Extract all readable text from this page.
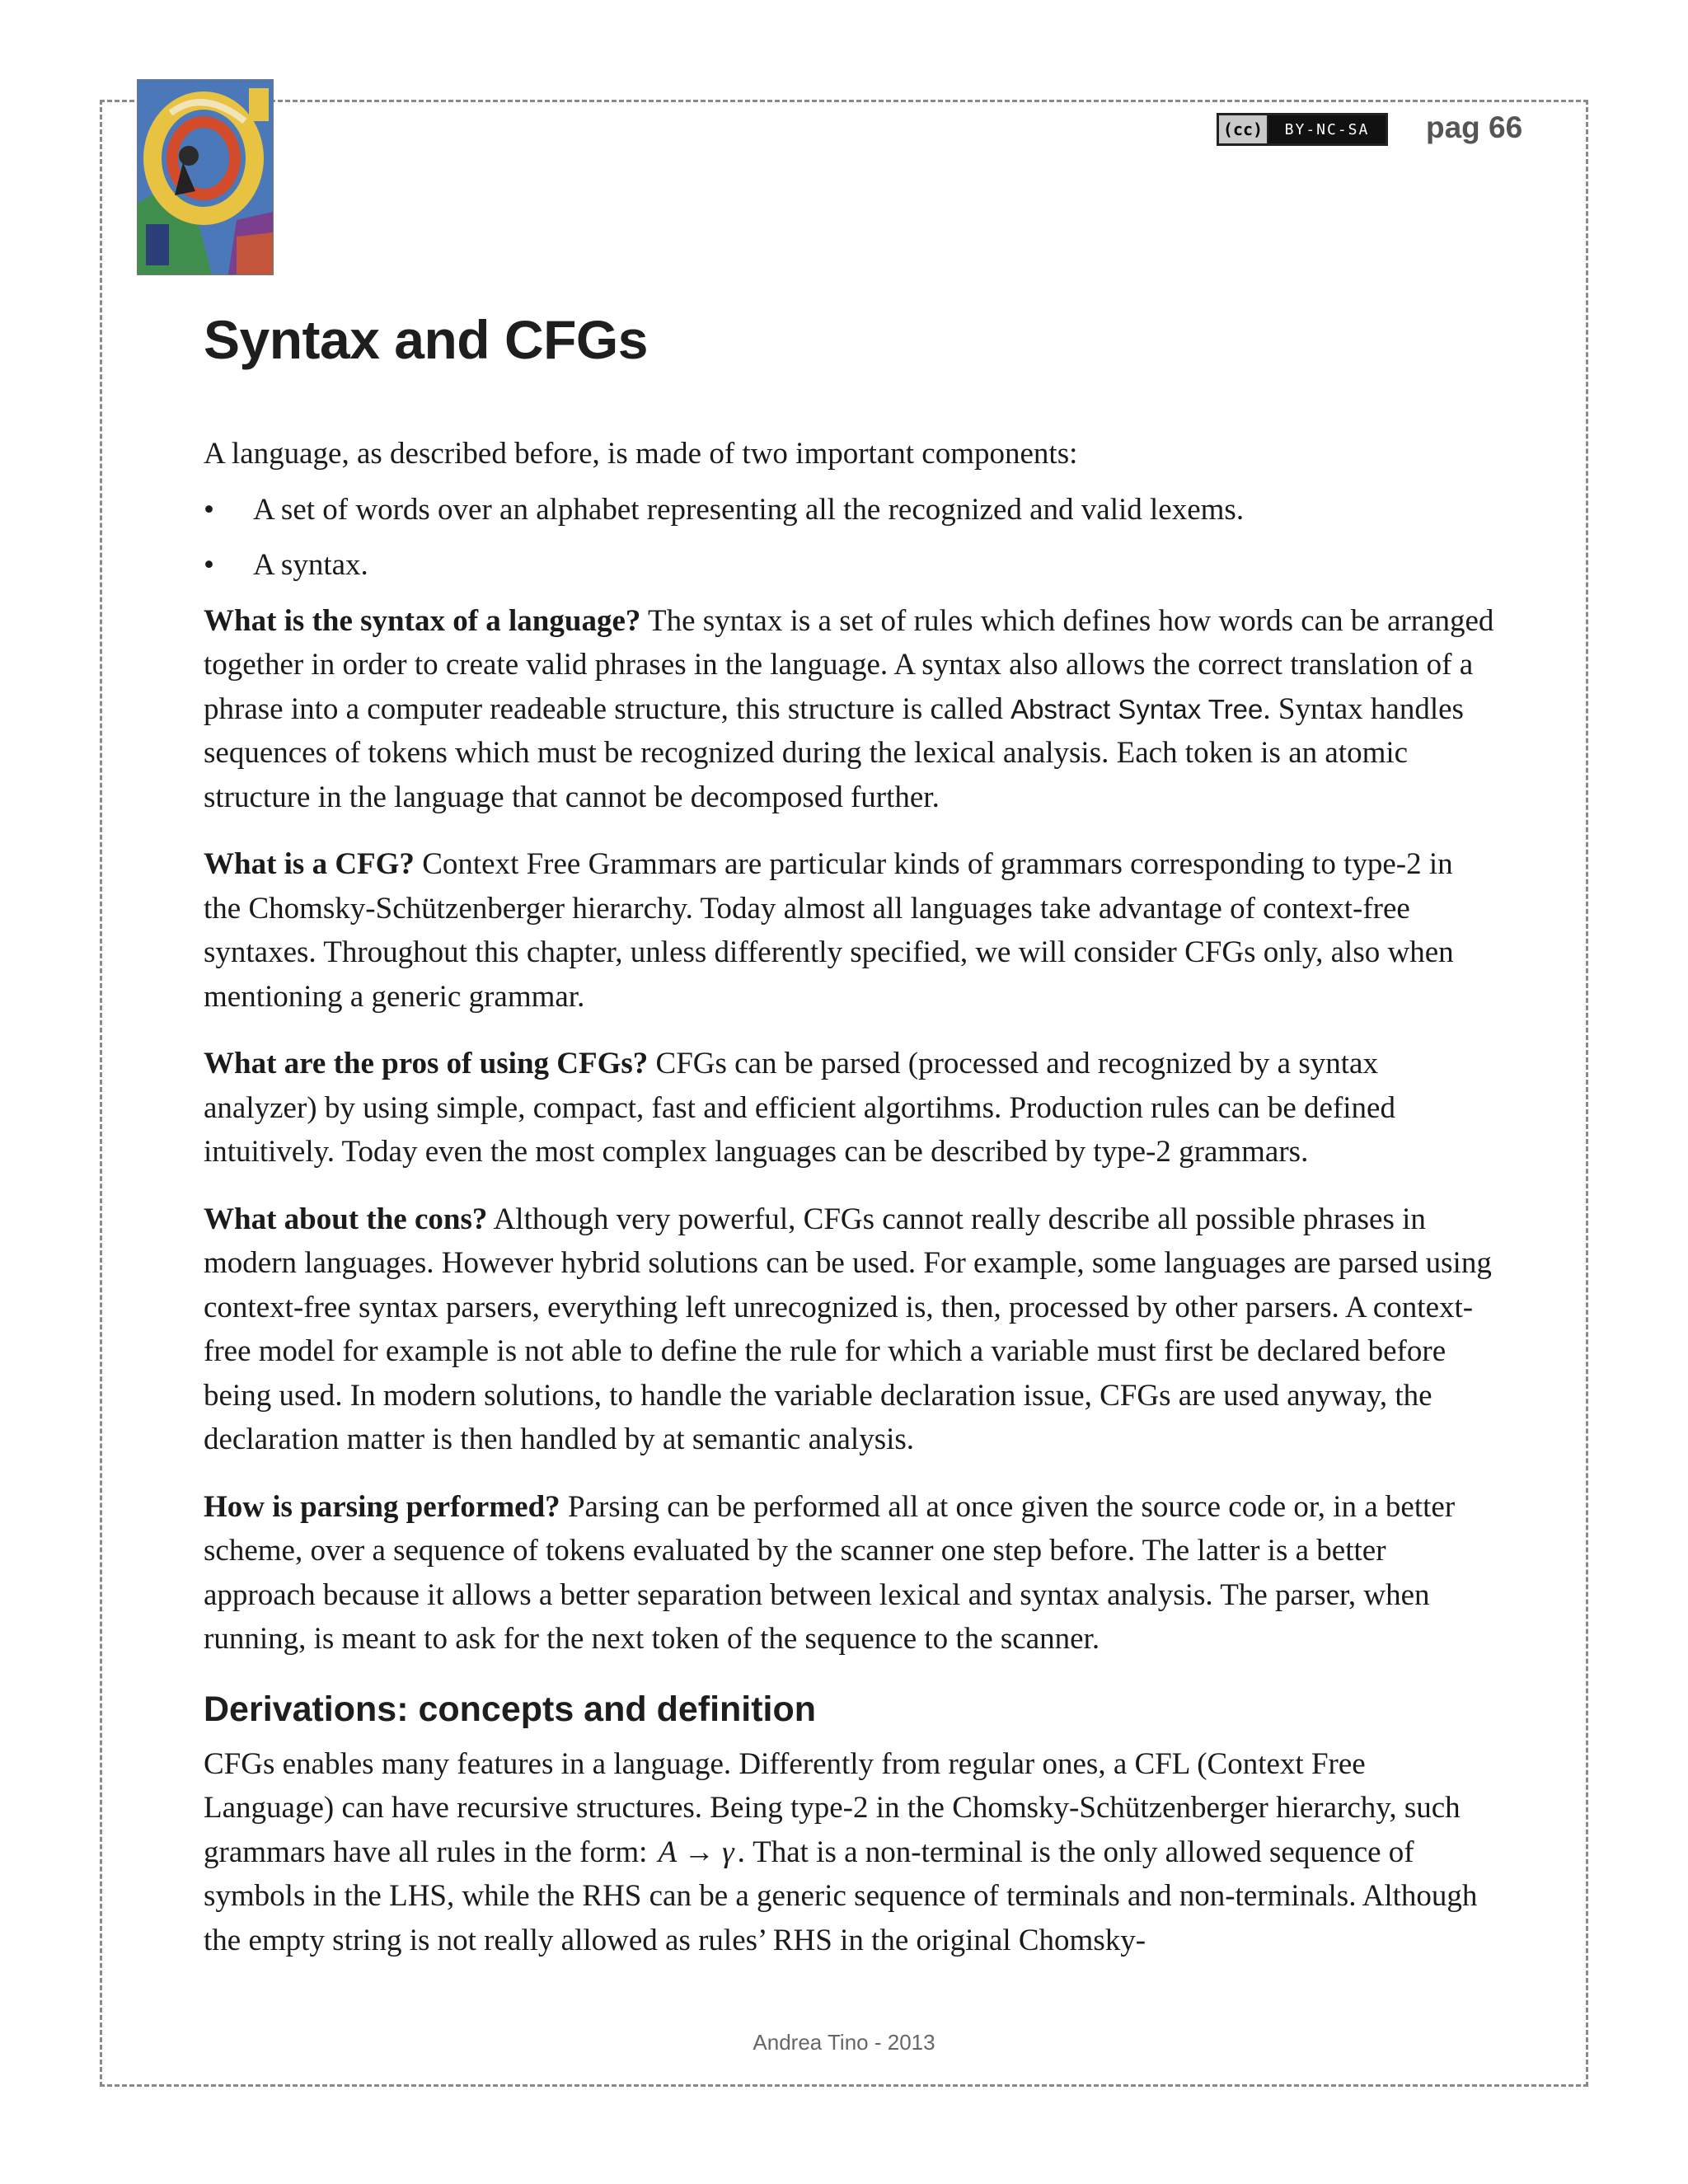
(cc)	BY-NC-SA	pag 66
Syntax and CFGs

A language, as described before, is made of two important components:

• A set of words over an alphabet representing all the recognized and valid lexems.
• A syntax.

What is the syntax of a language? The syntax is a set of rules which defines how words can be arranged together in order to create valid phrases in the language. A syntax also allows the correct translation of a phrase into a computer readeable structure, this structure is called Abstract Syntax Tree. Syntax handles sequences of tokens which must be recognized during the lexical analysis. Each token is an atomic structure in the language that cannot be decomposed further.

What is a CFG? Context Free Grammars are particular kinds of grammars corresponding to type-2 in the Chomsky-Schützenberger hierarchy. Today almost all languages take advantage of context-free syntaxes. Throughout this chapter, unless differently specified, we will consider CFGs only, also when mentioning a generic grammar.

What are the pros of using CFGs? CFGs can be parsed (processed and recognized by a syntax analyzer) by using simple, compact, fast and efficient algortihms. Production rules can be defined intuitively. Today even the most complex languages can be described by type-2 grammars.

What about the cons? Although very powerful, CFGs cannot really describe all possible phrases in modern languages. However hybrid solutions can be used. For example, some languages are parsed using context-free syntax parsers, everything left unrecognized is, then, processed by other parsers. A context-free model for example is not able to define the rule for which a variable must first be declared before being used. In modern solutions, to handle the variable declaration issue, CFGs are used anyway, the declaration matter is then handled by at semantic analysis.

How is parsing performed? Parsing can be performed all at once given the source code or, in a better scheme, over a sequence of tokens evaluated by the scanner one step before. The latter is a better approach because it allows a better separation between lexical and syntax analysis. The parser, when running, is meant to ask for the next token of the sequence to the scanner.

Derivations: concepts and definition

CFGs enables many features in a language. Differently from regular ones, a CFL (Context Free Language) can have recursive structures. Being type-2 in the Chomsky-Schützenberger hierarchy, such grammars have all rules in the form: A → γ . That is a non-terminal is the only allowed sequence of symbols in the LHS, while the RHS can be a generic sequence of terminals and non-terminals. Although the empty string is not really allowed as rules’ RHS in the original Chomsky-

Andrea Tino - 2013
